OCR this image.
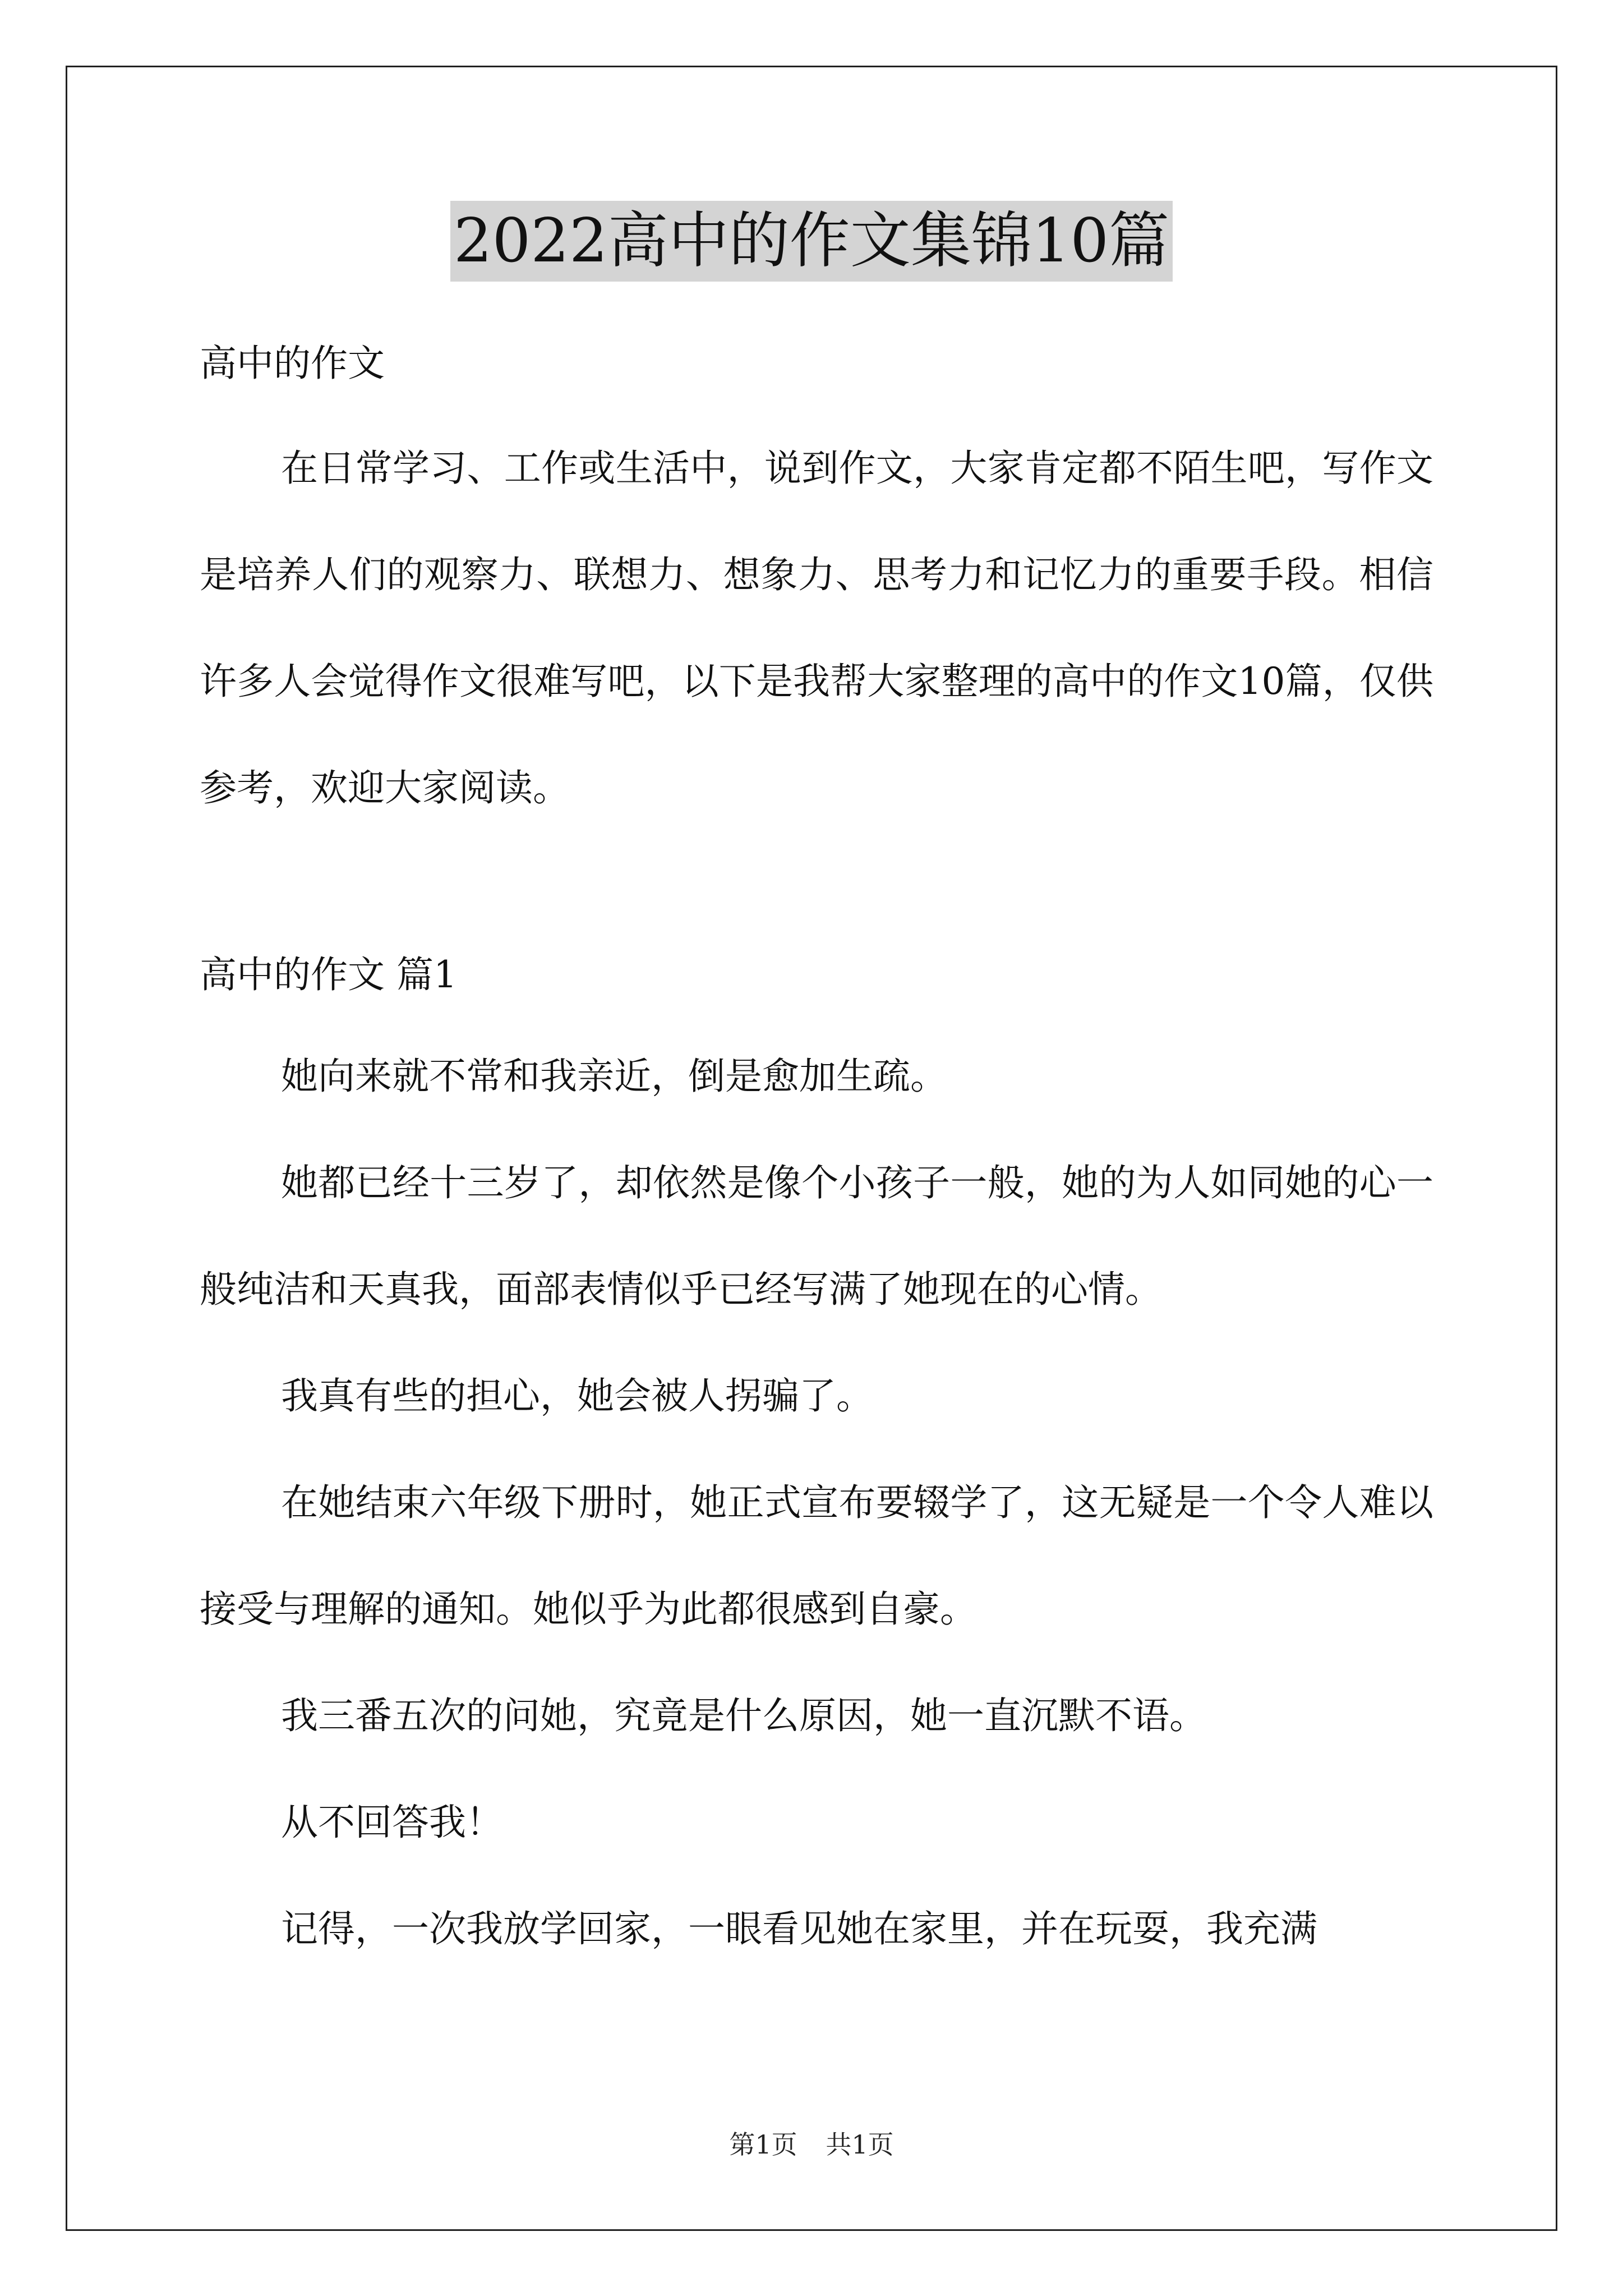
2022高中的作文集锦10篇

高中的作文

在日常学习、工作或生活中，说到作文，大家肯定都不陌生吧，写作文是培养人们的观察力、联想力、想象力、思考力和记忆力的重要手段。相信许多人会觉得作文很难写吧，以下是我帮大家整理的高中的作文10篇，仅供参考，欢迎大家阅读。

高中的作文 篇1

她向来就不常和我亲近，倒是愈加生疏。

她都已经十三岁了，却依然是像个小孩子一般，她的为人如同她的心一般纯洁和天真我，面部表情似乎已经写满了她现在的心情。

我真有些的担心，她会被人拐骗了。

在她结束六年级下册时，她正式宣布要辍学了，这无疑是一个令人难以接受与理解的通知。她似乎为此都很感到自豪。

我三番五次的问她，究竟是什么原因，她一直沉默不语。

从不回答我！

记得，一次我放学回家，一眼看见她在家里，并在玩耍，我充满

第1页 共1页
